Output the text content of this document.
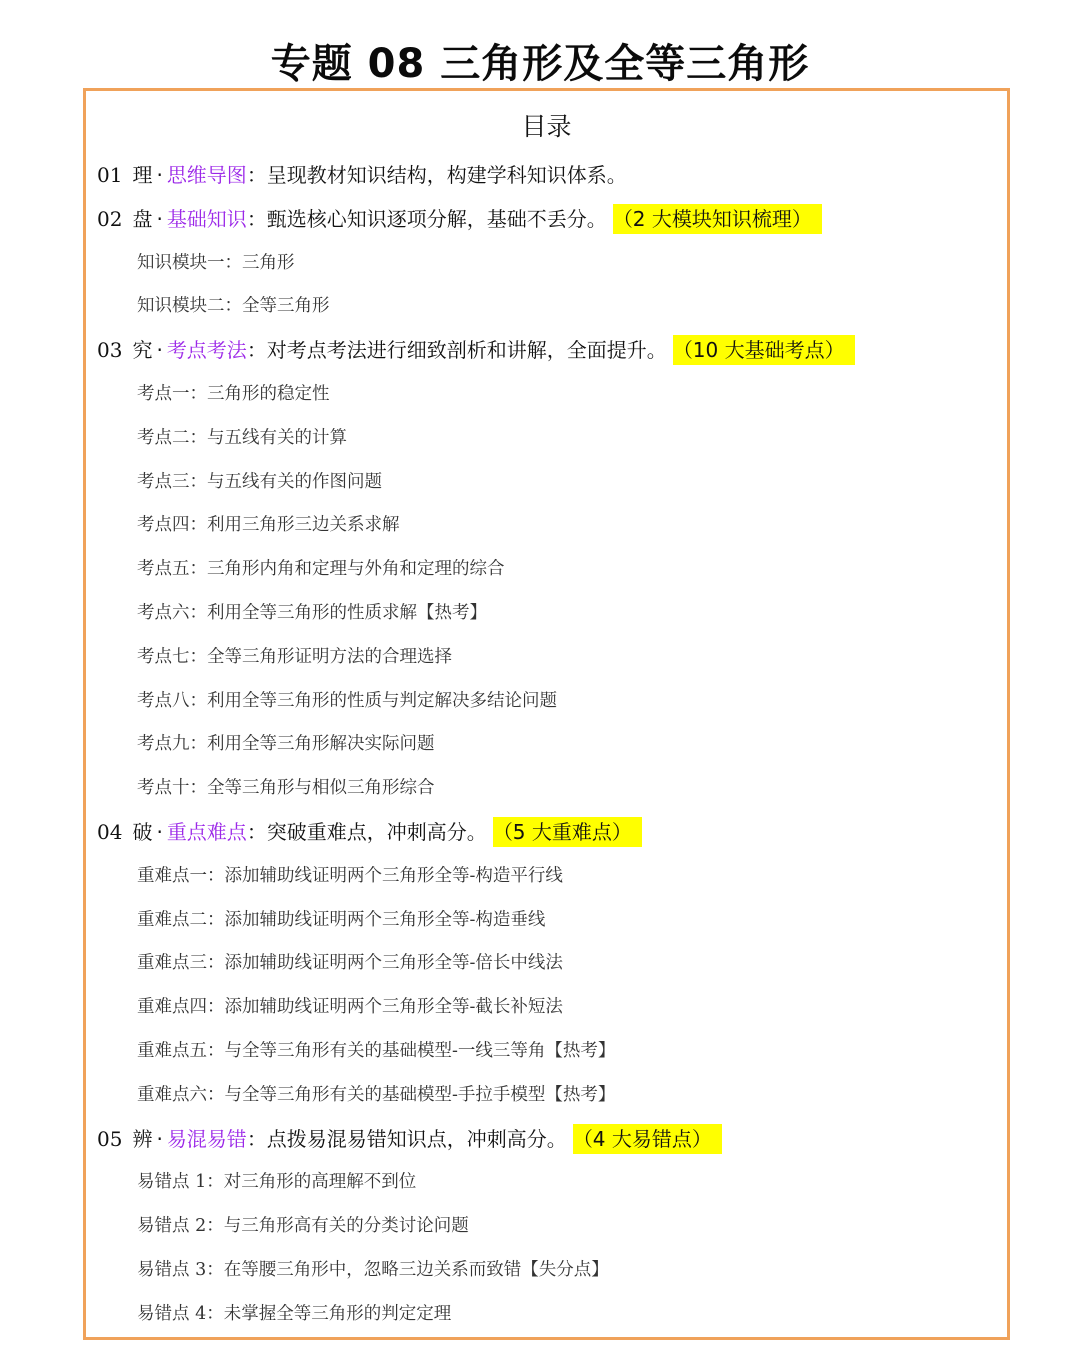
专题 08 三角形及全等三角形
目录
01 理 · 思维导图：呈现教材知识结构，构建学科知识体系。
02 盘 · 基础知识：甄选核心知识逐项分解，基础不丢分。 （2 大模块知识梳理）
知识模块一：三角形
知识模块二：全等三角形
03 究 · 考点考法：对考点考法进行细致剖析和讲解，全面提升。 （10 大基础考点）
考点一：三角形的稳定性
考点二：与五线有关的计算
考点三：与五线有关的作图问题
考点四：利用三角形三边关系求解
考点五：三角形内角和定理与外角和定理的综合
考点六：利用全等三角形的性质求解【热考】
考点七：全等三角形证明方法的合理选择
考点八：利用全等三角形的性质与判定解决多结论问题
考点九：利用全等三角形解决实际问题
考点十：全等三角形与相似三角形综合
04 破 · 重点难点：突破重难点，冲刺高分。 （5 大重难点）
重难点一：添加辅助线证明两个三角形全等-构造平行线
重难点二：添加辅助线证明两个三角形全等-构造垂线
重难点三：添加辅助线证明两个三角形全等-倍长中线法
重难点四：添加辅助线证明两个三角形全等-截长补短法
重难点五：与全等三角形有关的基础模型-一线三等角【热考】
重难点六：与全等三角形有关的基础模型-手拉手模型【热考】
05 辨 · 易混易错：点拨易混易错知识点，冲刺高分。 （4 大易错点）
易错点 1：对三角形的高理解不到位
易错点 2：与三角形高有关的分类讨论问题
易错点 3：在等腰三角形中，忽略三边关系而致错【失分点】
易错点 4：未掌握全等三角形的判定定理
